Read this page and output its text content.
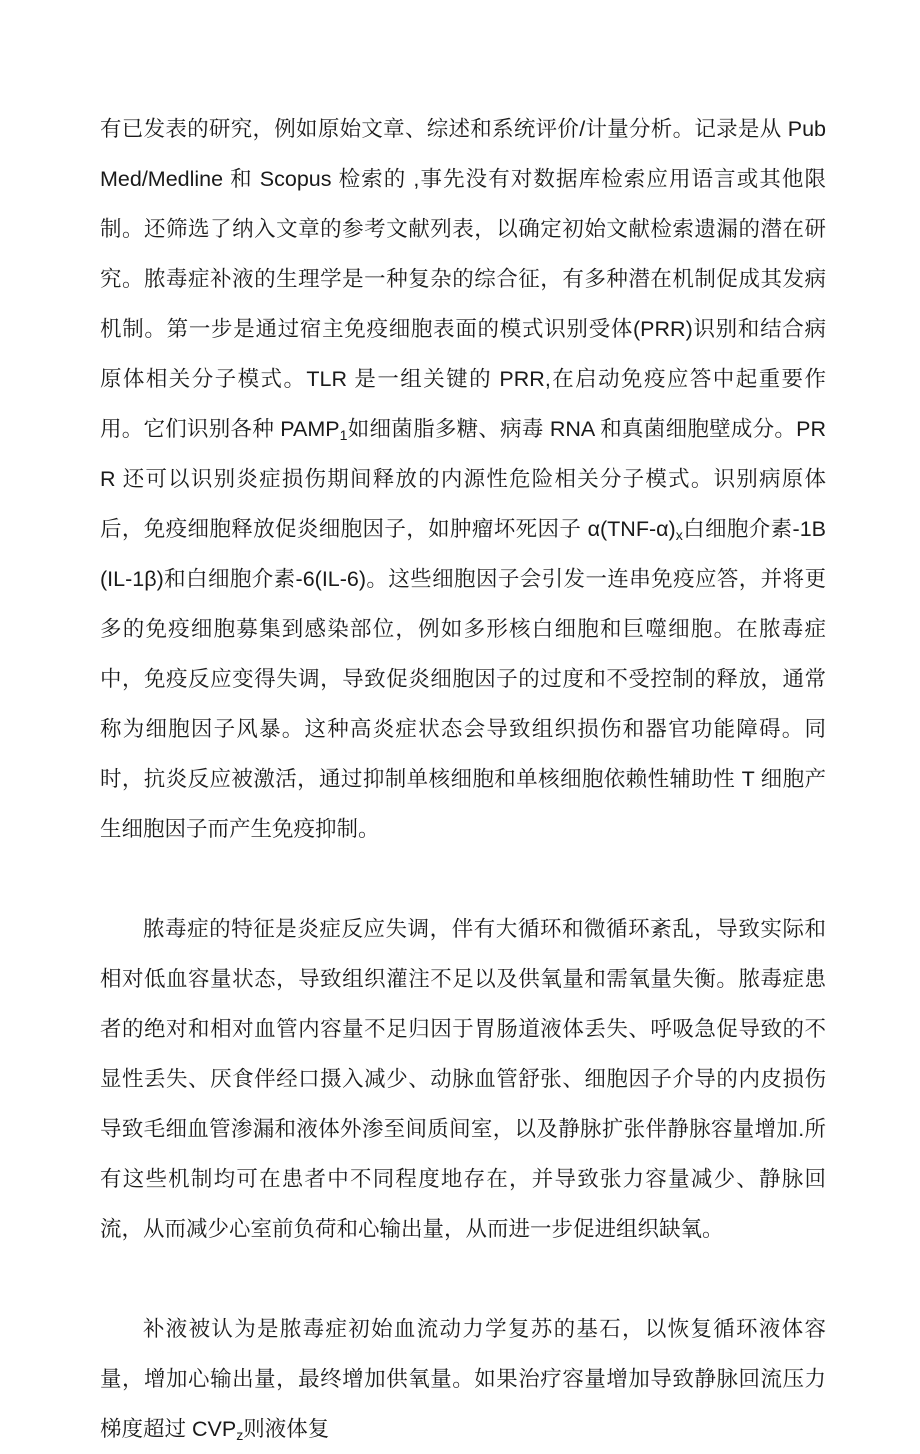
有已发表的研究，例如原始文章、综述和系统评价/计量分析。记录是从 PubMed/Medline 和 Scopus 检索的 ,事先没有对数据库检索应用语言或其他限制。还筛选了纳入文章的参考文献列表，以确定初始文献检索遗漏的潜在研究。脓毒症补液的生理学是一种复杂的综合征，有多种潜在机制促成其发病机制。第一步是通过宿主免疫细胞表面的模式识别受体(PRR)识别和结合病原体相关分子模式。TLR 是一组关键的 PRR,在启动免疫应答中起重要作用。它们识别各种 $PAMP_1$如细菌脂多糖、病毒 RNA 和真菌细胞壁成分。PRR 还可以识别炎症损伤期间释放的内源性危险相关分子模式。识别病原体后，免疫细胞释放促炎细胞因子，如肿瘤坏死因子 $\alpha(TNF-\alpha)_x$白细胞介素-1B(IL-1β)和白细胞介素-6(IL-6)。这些细胞因子会引发一连串免疫应答，并将更多的免疫细胞募集到感染部位，例如多形核白细胞和巨噬细胞。在脓毒症中，免疫反应变得失调，导致促炎细胞因子的过度和不受控制的释放，通常称为细胞因子风暴。这种高炎症状态会导致组织损伤和器官功能障碍。同时，抗炎反应被激活，通过抑制单核细胞和单核细胞依赖性辅助性 T 细胞产生细胞因子而产生免疫抑制。

脓毒症的特征是炎症反应失调，伴有大循环和微循环紊乱，导致实际和相对低血容量状态，导致组织灌注不足以及供氧量和需氧量失衡。脓毒症患者的绝对和相对血管内容量不足归因于胃肠道液体丢失、呼吸急促导致的不显性丢失、厌食伴经口摄入减少、动脉血管舒张、细胞因子介导的内皮损伤导致毛细血管渗漏和液体外渗至间质间室，以及静脉扩张伴静脉容量增加.所有这些机制均可在患者中不同程度地存在，并导致张力容量减少、静脉回流，从而减少心室前负荷和心输出量，从而进一步促进组织缺氧。

补液被认为是脓毒症初始血流动力学复苏的基石，以恢复循环液体容量，增加心输出量，最终增加供氧量。如果治疗容量增加导致静脉回流压力梯度超过 $CVP_z$则液体复
